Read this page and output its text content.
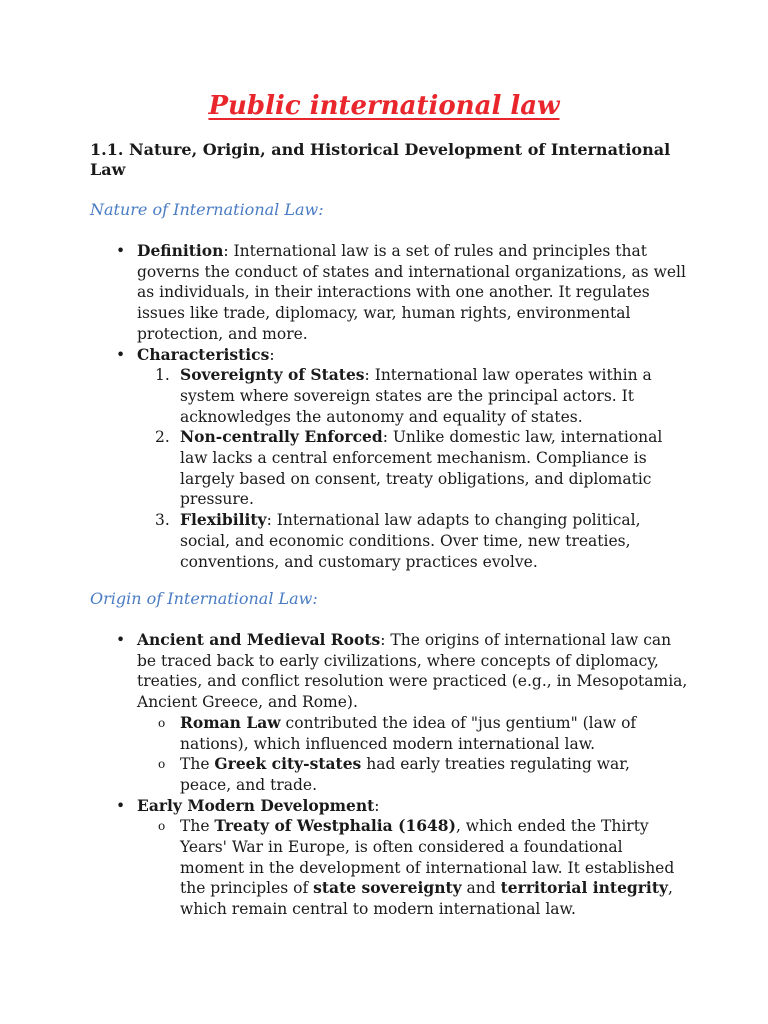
Public international law
1.1. Nature, Origin, and Historical Development of International Law
Nature of International Law:
• Definition: International law is a set of rules and principles that governs the conduct of states and international organizations, as well as individuals, in their interactions with one another. It regulates issues like trade, diplomacy, war, human rights, environmental protection, and more.
• Characteristics:
1. Sovereignty of States: International law operates within a system where sovereign states are the principal actors. It acknowledges the autonomy and equality of states.
2. Non-centrally Enforced: Unlike domestic law, international law lacks a central enforcement mechanism. Compliance is largely based on consent, treaty obligations, and diplomatic pressure.
3. Flexibility: International law adapts to changing political, social, and economic conditions. Over time, new treaties, conventions, and customary practices evolve.
Origin of International Law:
• Ancient and Medieval Roots: The origins of international law can be traced back to early civilizations, where concepts of diplomacy, treaties, and conflict resolution were practiced (e.g., in Mesopotamia, Ancient Greece, and Rome).
o Roman Law contributed the idea of "jus gentium" (law of nations), which influenced modern international law.
o The Greek city-states had early treaties regulating war, peace, and trade.
• Early Modern Development:
o The Treaty of Westphalia (1648), which ended the Thirty Years' War in Europe, is often considered a foundational moment in the development of international law. It established the principles of state sovereignty and territorial integrity, which remain central to modern international law.
